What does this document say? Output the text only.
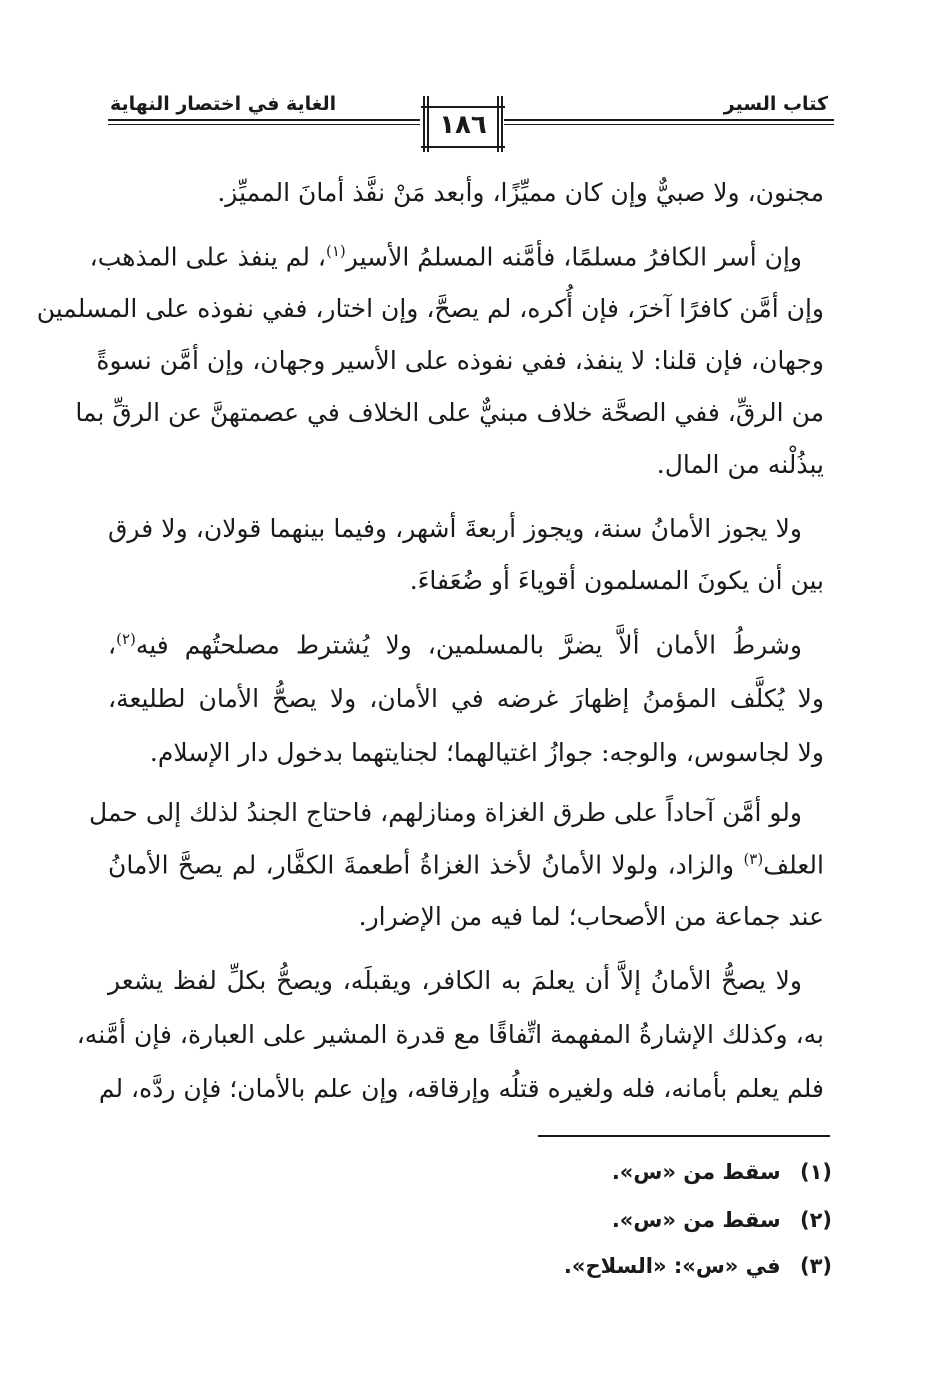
كتاب السير
الغاية في اختصار النهاية
١٨٦
مجنون، ولا صبيٌّ وإن كان مميِّزًا، وأبعد مَنْ نفَّذ أمانَ المميِّز.
وإن أسر الكافرُ مسلمًا، فأمَّنه المسلمُ الأسير$^{(١)}$، لم ينفذ على المذهب،
وإن أمَّن كافرًا آخرَ، فإن أُكره، لم يصحَّ، وإن اختار، ففي نفوذه على المسلمين
وجهان، فإن قلنا: لا ينفذ، ففي نفوذه على الأسير وجهان، وإن أمَّن نسوةً
من الرقِّ، ففي الصحَّة خلاف مبنيٌّ على الخلاف في عصمتهنَّ عن الرقِّ بما
يبذُلْنه من المال.
ولا يجوز الأمانُ سنة، ويجوز أربعةَ أشهر، وفيما بينهما قولان، ولا فرق
بين أن يكونَ المسلمون أقوياءَ أو ضُعَفاءَ.
وشرطُ الأمان ألاَّ يضرَّ بالمسلمين، ولا يُشترط مصلحتُهم فيه$^{(٢)}$،
ولا يُكلَّف المؤمنُ إظهارَ غرضه في الأمان، ولا يصحُّ الأمان لطليعة،
ولا لجاسوس، والوجه: جوازُ اغتيالهما؛ لجنايتهما بدخول دار الإسلام.
ولو أمَّن آحاداً على طرق الغزاة ومنازلهم، فاحتاج الجندُ لذلك إلى حمل
العلف$^{(٣)}$ والزاد، ولولا الأمانُ لأخذ الغزاةُ أطعمةَ الكفَّار، لم يصحَّ الأمانُ
عند جماعة من الأصحاب؛ لما فيه من الإضرار.
ولا يصحُّ الأمانُ إلاَّ أن يعلمَ به الكافر، ويقبلَه، ويصحُّ بكلِّ لفظ يشعر
به، وكذلك الإشارةُ المفهمة اتِّفاقًا مع قدرة المشير على العبارة، فإن أمَّنه،
فلم يعلم بأمانه، فله ولغيره قتلُه وإرقاقه، وإن علم بالأمان؛ فإن ردَّه، لم
(١) سقط من «س».
(٢) سقط من «س».
(٣) في «س»: «السلاح».
